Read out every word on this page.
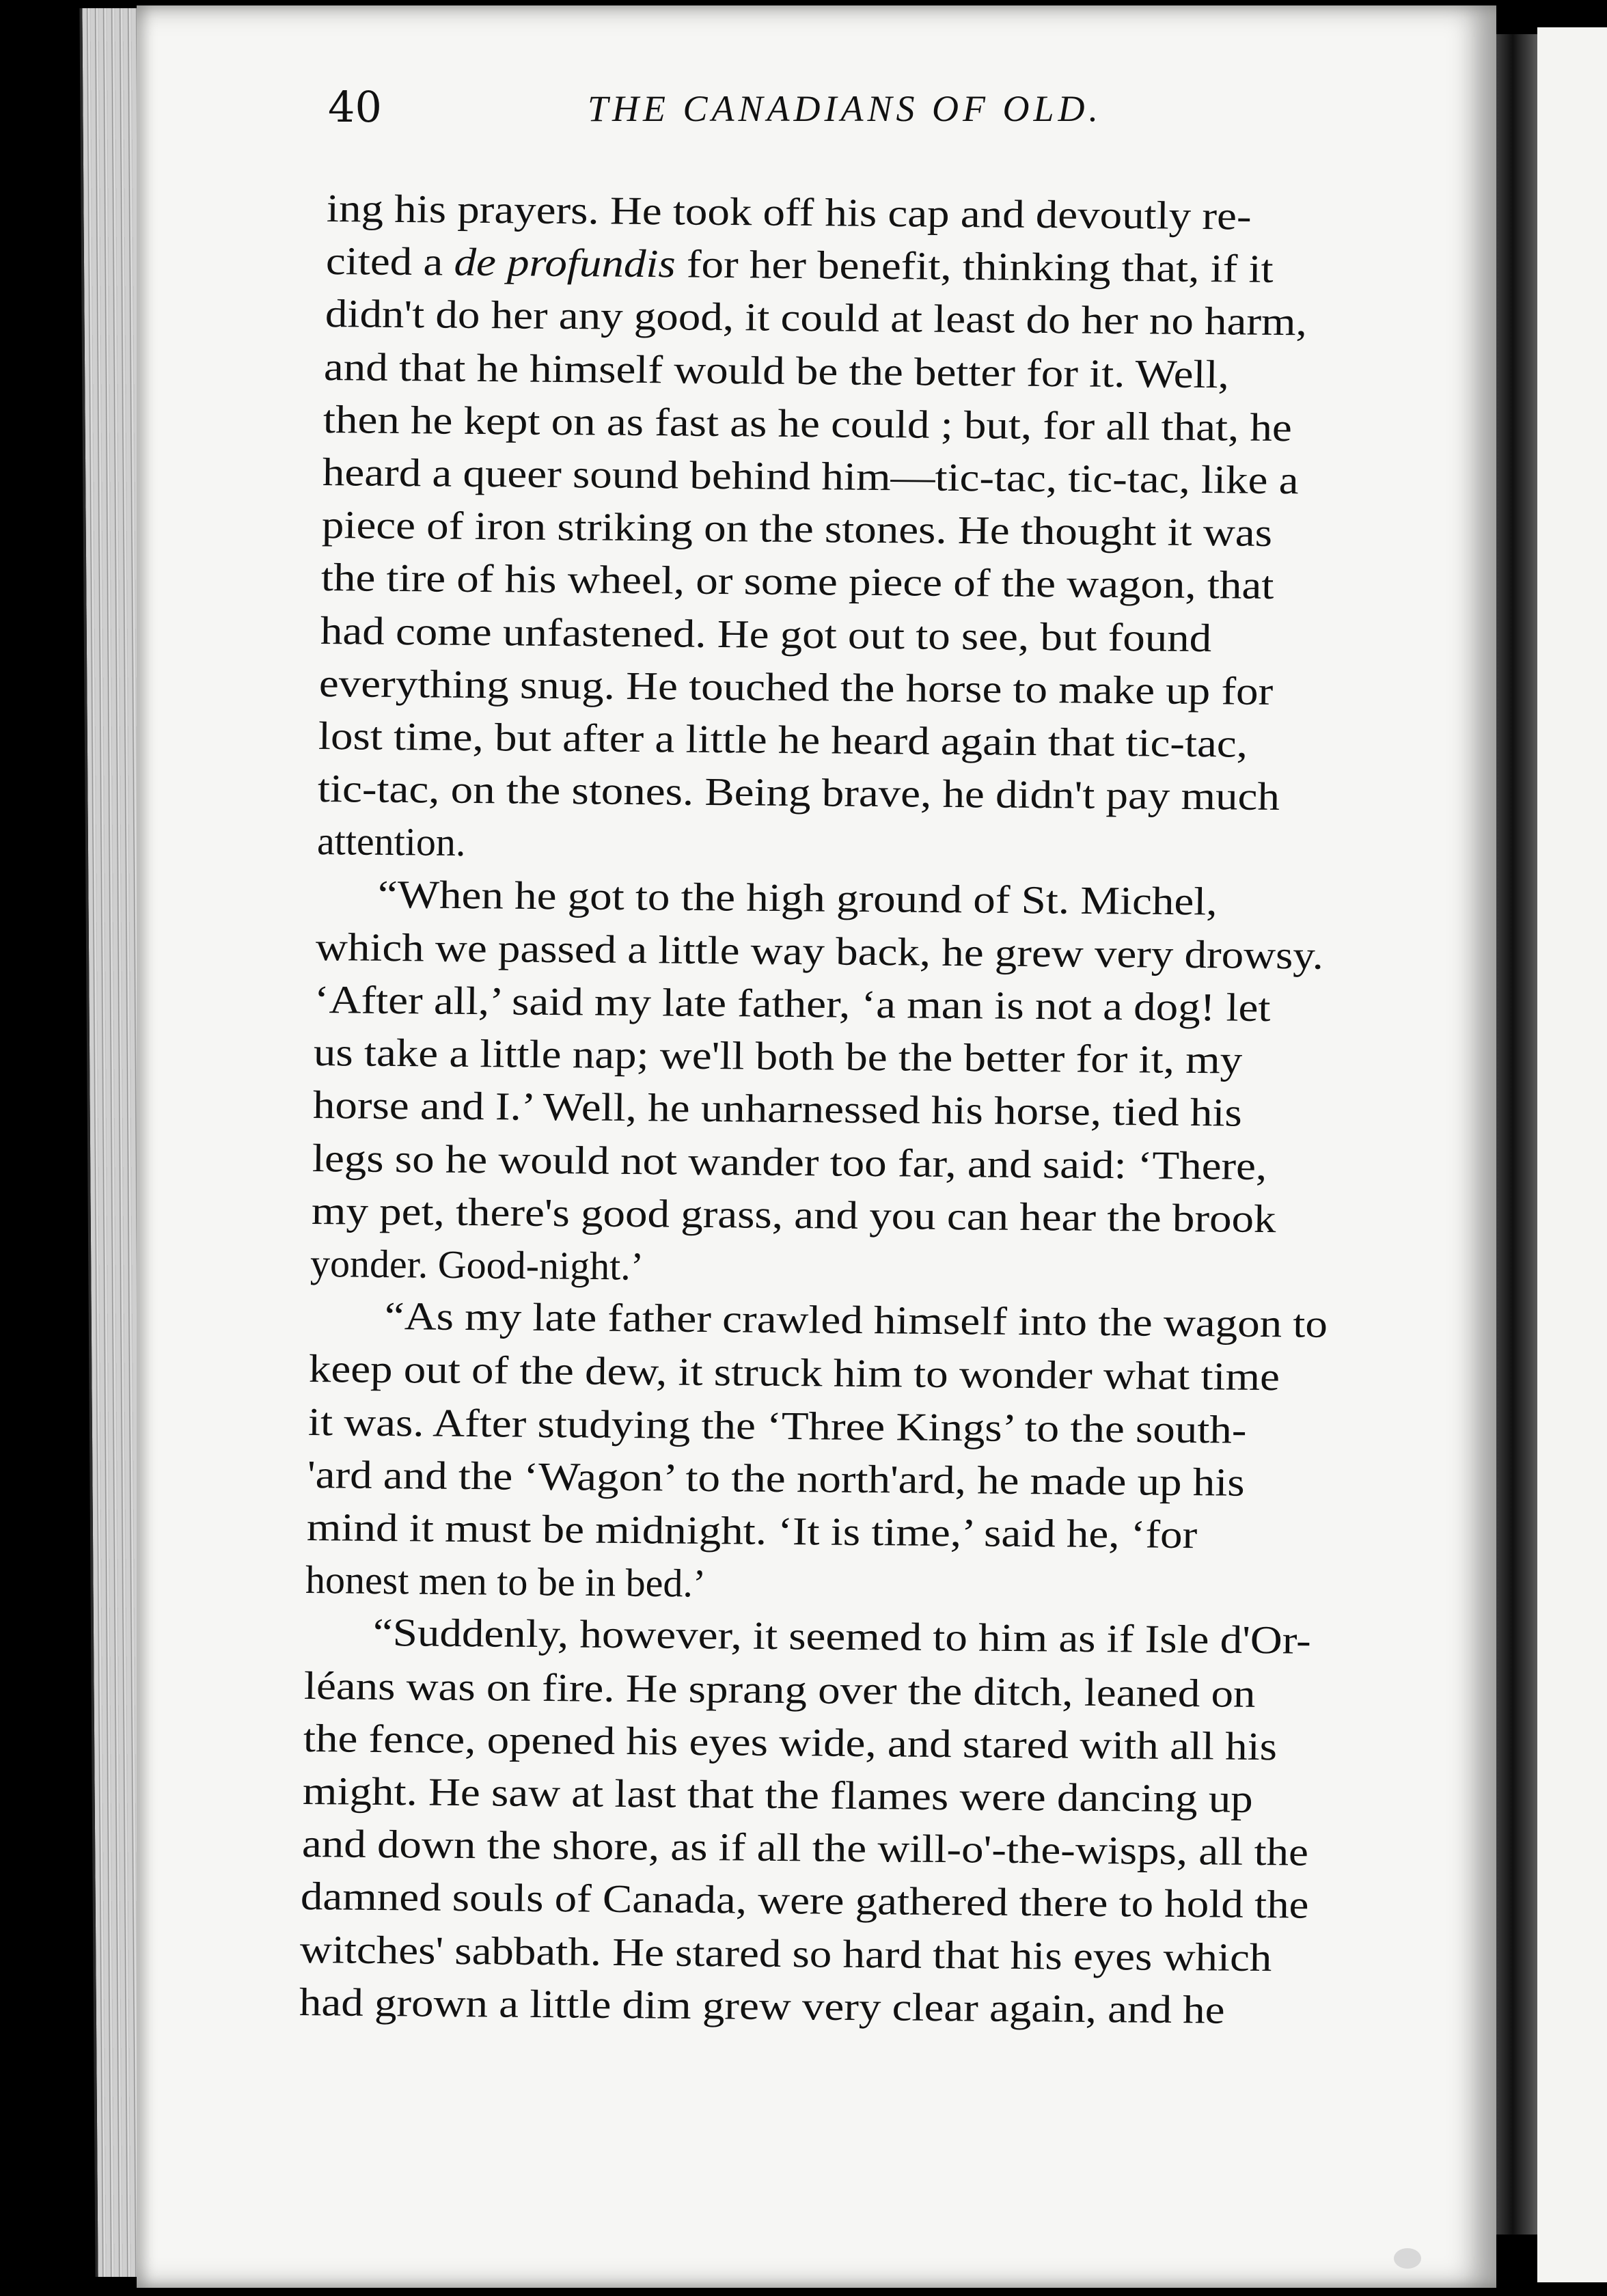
40	THE CANADIANS OF OLD.
ing his prayers. He took off his cap and devoutly re-
cited a de profundis for her benefit, thinking that, if it
didn't do her any good, it could at least do her no harm,
and that he himself would be the better for it. Well,
then he kept on as fast as he could ; but, for all that, he
heard a queer sound behind him—tic-tac, tic-tac, like a
piece of iron striking on the stones. He thought it was
the tire of his wheel, or some piece of the wagon, that
had come unfastened. He got out to see, but found
everything snug. He touched the horse to make up for
lost time, but after a little he heard again that tic-tac,
tic-tac, on the stones. Being brave, he didn't pay much
attention.
“When he got to the high ground of St. Michel,
which we passed a little way back, he grew very drowsy.
‘After all,’ said my late father, ‘a man is not a dog! let
us take a little nap; we'll both be the better for it, my
horse and I.’ Well, he unharnessed his horse, tied his
legs so he would not wander too far, and said: ‘There,
my pet, there's good grass, and you can hear the brook
yonder. Good-night.’
“As my late father crawled himself into the wagon to
keep out of the dew, it struck him to wonder what time
it was. After studying the ‘Three Kings’ to the south-
'ard and the ‘Wagon’ to the north'ard, he made up his
mind it must be midnight. ‘It is time,’ said he, ‘for
honest men to be in bed.’
“Suddenly, however, it seemed to him as if Isle d'Or-
léans was on fire. He sprang over the ditch, leaned on
the fence, opened his eyes wide, and stared with all his
might. He saw at last that the flames were dancing up
and down the shore, as if all the will-o'-the-wisps, all the
damned souls of Canada, were gathered there to hold the
witches' sabbath. He stared so hard that his eyes which
had grown a little dim grew very clear again, and he
